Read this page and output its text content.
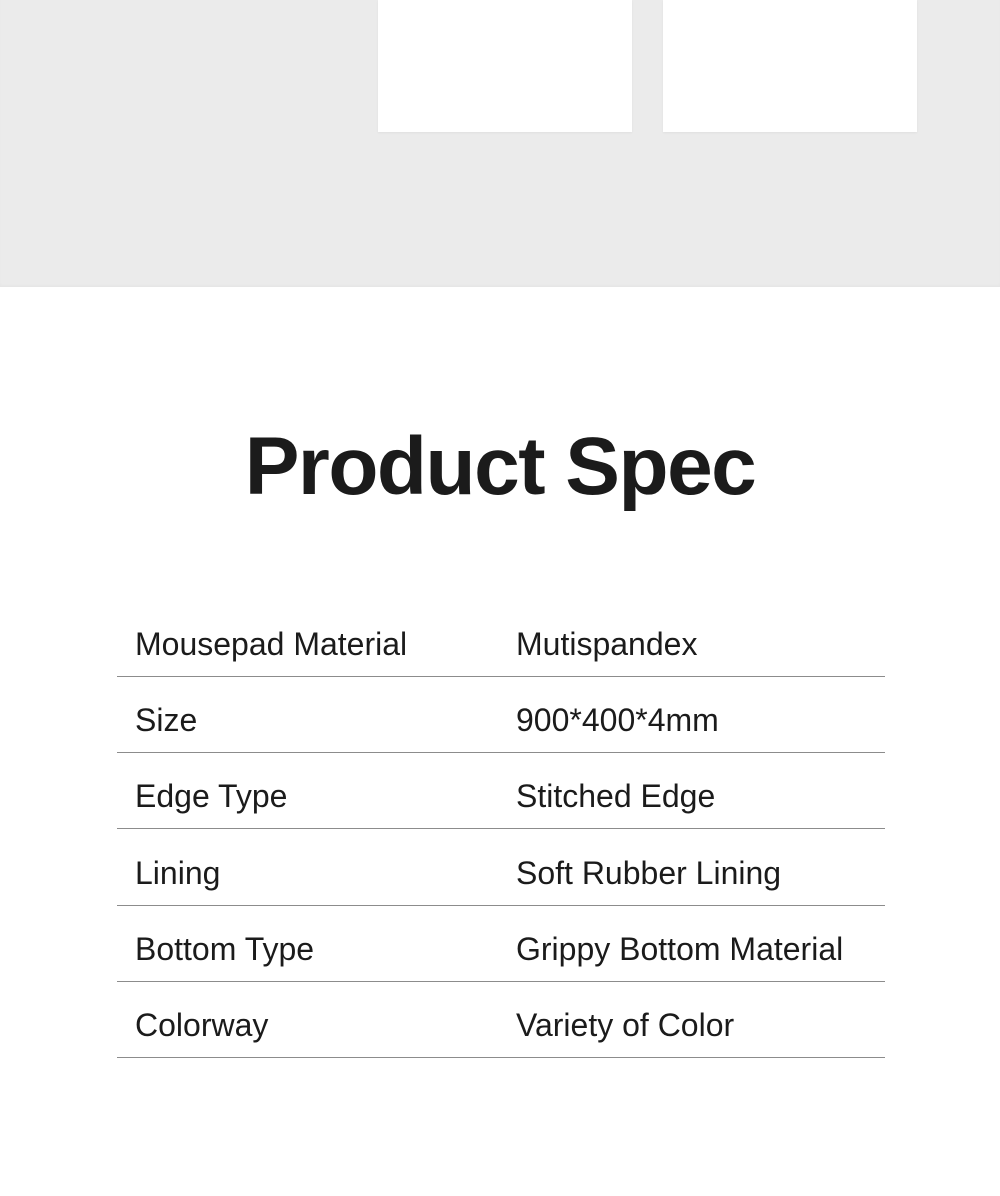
Product Spec
Mousepad Material	Mutispandex
Size	900*400*4mm
Edge Type	Stitched Edge
Lining	Soft Rubber Lining
Bottom Type	Grippy Bottom Material
Colorway	Variety of Color
